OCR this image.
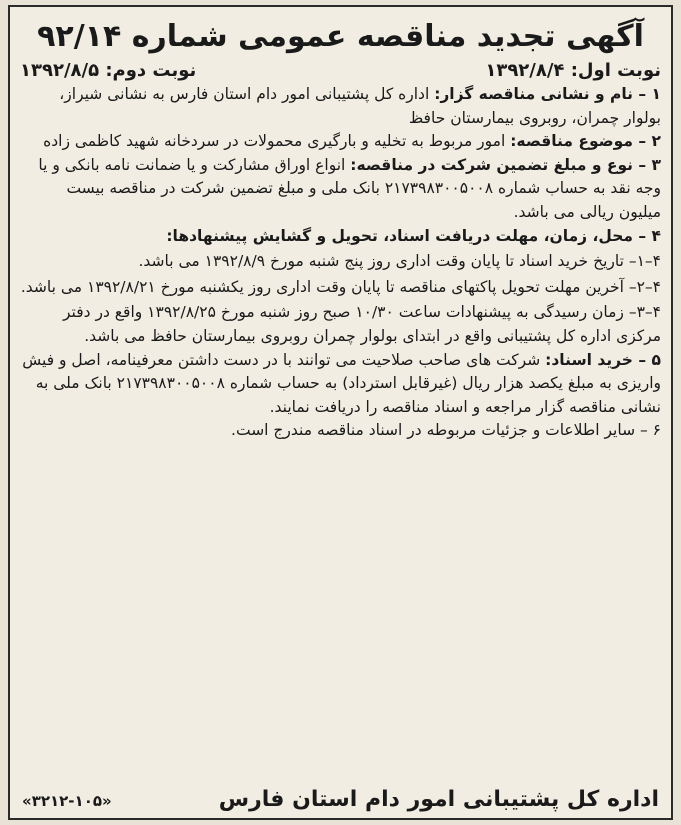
آگهی تجدید مناقصه عمومی شماره ۹۲/۱۴
نوبت اول: ۱۳۹۲/۸/۴
نوبت دوم: ۱۳۹۲/۸/۵

۱ – نام و نشانی مناقصه گزار: اداره کل پشتیبانی امور دام استان فارس به نشانی شیراز، بولوار چمران، روبروی بیمارستان حافظ

۲ – موضوع مناقصه: امور مربوط به تخلیه و بارگیری محمولات در سردخانه شهید کاظمی زاده

۳ – نوع و مبلغ تضمین شرکت در مناقصه: انواع اوراق مشارکت و یا ضمانت نامه بانکی و یا وجه نقد به حساب شماره ۲۱۷۳۹۸۳۰۰۵۰۰۸ بانک ملی و مبلغ تضمین شرکت در مناقصه بیست میلیون ریالی می باشد.

۴ – محل، زمان، مهلت دریافت اسناد، تحویل و گشایش پیشنهادها:

۴–۱– تاریخ خرید اسناد تا پایان وقت اداری روز پنج شنبه مورخ ۱۳۹۲/۸/۹ می باشد.

۴–۲– آخرین مهلت تحویل پاکتهای مناقصه تا پایان وقت اداری روز یکشنبه مورخ ۱۳۹۲/۸/۲۱ می باشد.

۴–۳– زمان رسیدگی به پیشنهادات ساعت ۱۰/۳۰ صبح روز شنبه مورخ ۱۳۹۲/۸/۲۵ واقع در دفتر مرکزی اداره کل پشتیبانی واقع در ابتدای بولوار چمران روبروی بیمارستان حافظ می باشد.

۵ – خرید اسناد: شرکت های صاحب صلاحیت می توانند با در دست داشتن معرفینامه، اصل و فیش واریزی به مبلغ یکصد هزار ریال (غیرقابل استرداد) به حساب شماره ۲۱۷۳۹۸۳۰۰۵۰۰۸ بانک ملی به نشانی مناقصه گزار مراجعه و اسناد مناقصه را دریافت نمایند.

۶ – سایر اطلاعات و جزئیات مربوطه در اسناد مناقصه مندرج است.

اداره کل پشتیبانی امور دام استان فارس
«۳۲۱۲-۱۰۵»
